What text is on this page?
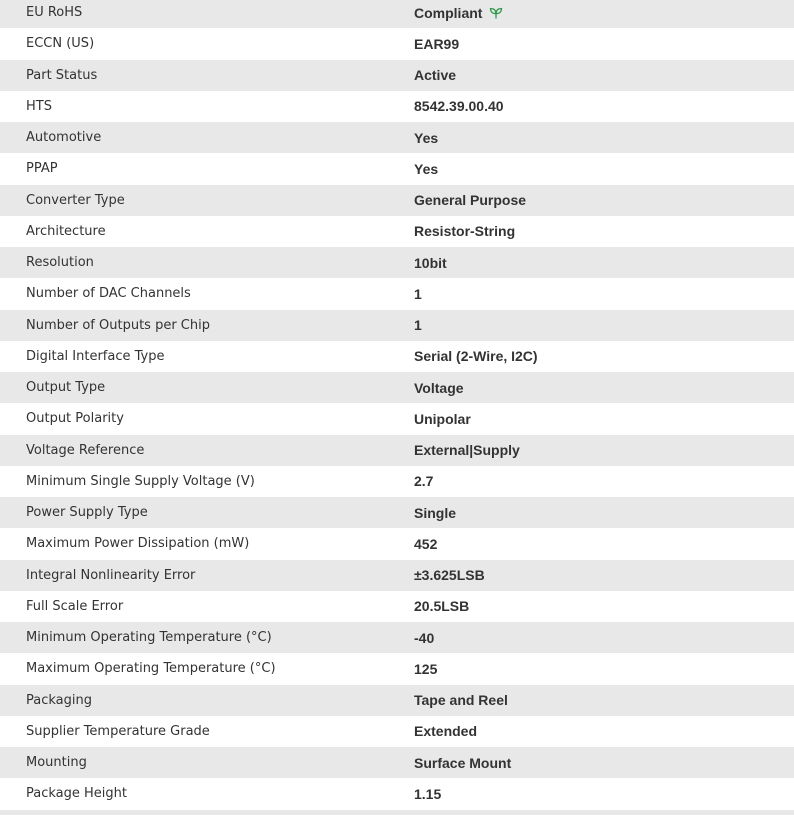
EU RoHS	Compliant
ECCN (US)	EAR99
Part Status	Active
HTS	8542.39.00.40
Automotive	Yes
PPAP	Yes
Converter Type	General Purpose
Architecture	Resistor-String
Resolution	10bit
Number of DAC Channels	1
Number of Outputs per Chip	1
Digital Interface Type	Serial (2-Wire, I2C)
Output Type	Voltage
Output Polarity	Unipolar
Voltage Reference	External|Supply
Minimum Single Supply Voltage (V)	2.7
Power Supply Type	Single
Maximum Power Dissipation (mW)	452
Integral Nonlinearity Error	±3.625LSB
Full Scale Error	20.5LSB
Minimum Operating Temperature (°C)	-40
Maximum Operating Temperature (°C)	125
Packaging	Tape and Reel
Supplier Temperature Grade	Extended
Mounting	Surface Mount
Package Height	1.15
